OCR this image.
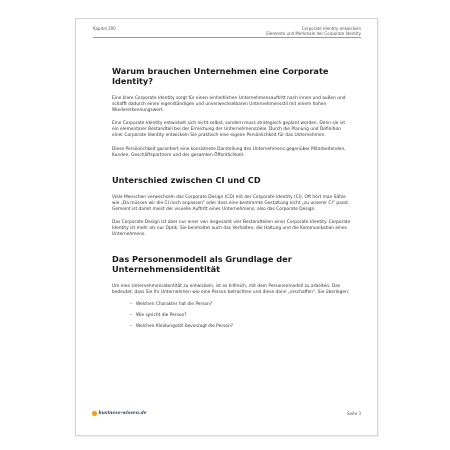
Kapitel 200	Corporate Identity entwickeln
Elemente und Merkmale der Corporate Identity
Warum brauchen Unternehmen eine Corporate Identity?

Eine klare Corporate Identity sorgt für einen einheitlichen Unternehmensauftritt nach innen und außen und schafft dadurch einen eigenständigen und unverwechselbaren Unternehmensstil mit einem hohen Wiedererkennungswert.

Eine Corporate Identity entwickelt sich nicht selbst, sondern muss strategisch geplant werden. Denn sie ist ein elementarer Bestandteil bei der Erreichung der Unternehmensziele. Durch die Planung und Definition einer Corporate Identity entwickeln Sie praktisch eine eigene Persönlichkeit für das Unternehmen.

Diese Persönlichkeit garantiert eine konsistente Darstellung des Unternehmens gegenüber Mitarbeitenden, Kunden, Geschäftspartnern und der gesamten Öffentlichkeit.

Unterschied zwischen CI und CD

Viele Menschen verwechseln das Corporate Design (CD) mit der Corporate Identity (CI). Oft hört man Sätze wie „Da müssen wir die CI noch anpassen“ oder dass eine bestimmte Gestaltung nicht „zu unserer CI“ passt. Gemeint ist damit meist der visuelle Auftritt eines Unternehmens, also das Corporate Design.

Das Corporate Design ist aber nur einer von insgesamt vier Bestandteilen einer Corporate Identity. Corporate Identity ist mehr als nur Optik. Sie beinhaltet auch das Verhalten, die Haltung und die Kommunikation eines Unternehmens.

Das Personenmodell als Grundlage der Unternehmensidentität

Um eine Unternehmensidentität zu entwickeln, ist es hilfreich, mit dem Personenmodell zu arbeiten. Das bedeutet, dass Sie Ihr Unternehmen wie eine Person betrachten und diese dann „erschaffen“. Sie überlegen:

– Welchen Charakter hat die Person?
– Wie spricht die Person?
– Welchen Kleidungsstil bevorzugt die Person?
business-wissen.de	Seite 3
